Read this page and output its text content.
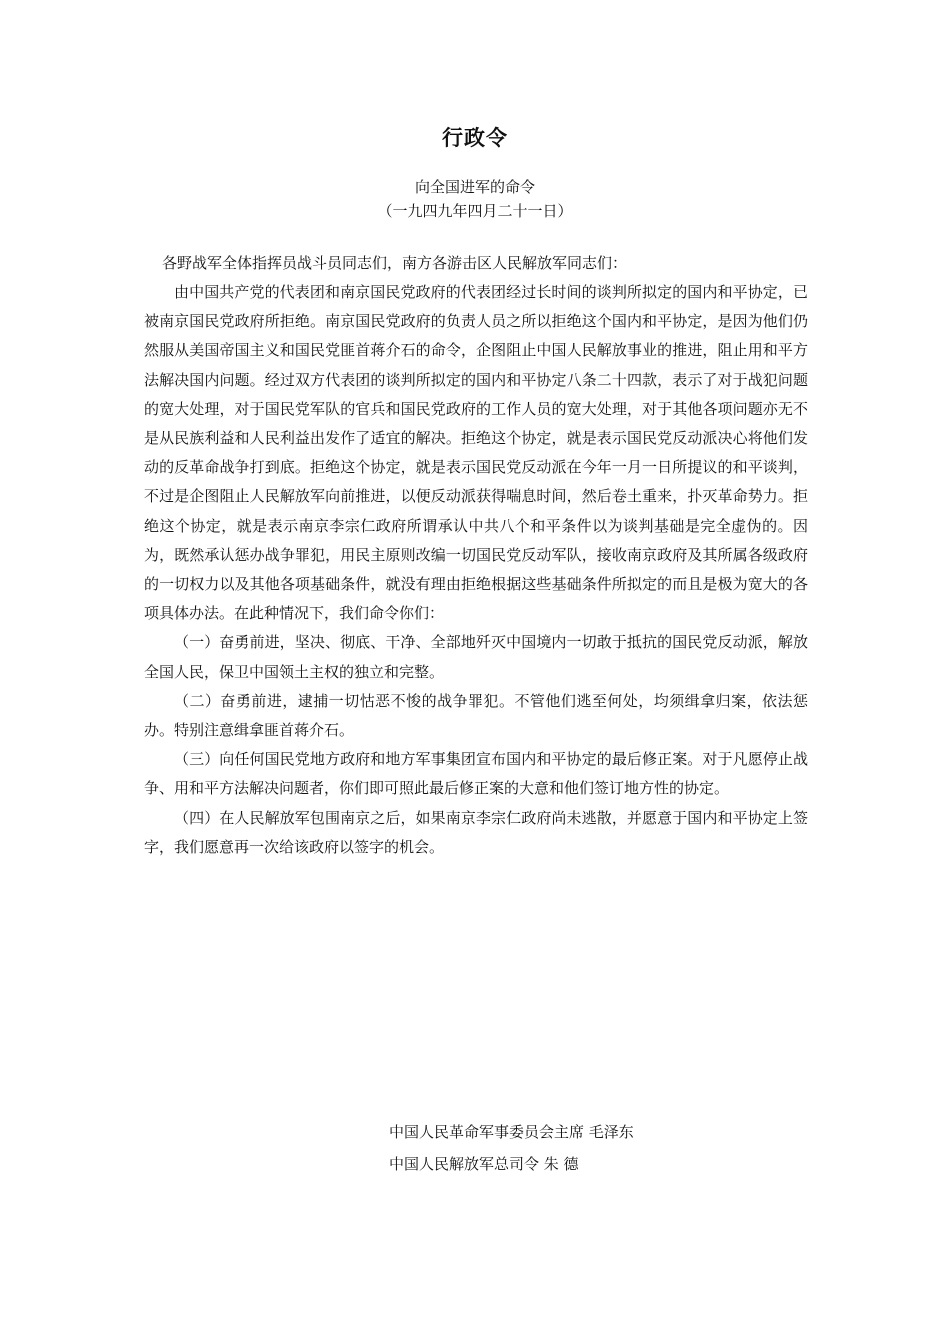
行政令
向全国进军的命令
（一九四九年四月二十一日）

各野战军全体指挥员战斗员同志们，南方各游击区人民解放军同志们：

由中国共产党的代表团和南京国民党政府的代表团经过长时间的谈判所拟定的国内和平协定，已被南京国民党政府所拒绝。南京国民党政府的负责人员之所以拒绝这个国内和平协定，是因为他们仍然服从美国帝国主义和国民党匪首蒋介石的命令，企图阻止中国人民解放事业的推进，阻止用和平方法解决国内问题。经过双方代表团的谈判所拟定的国内和平协定八条二十四款，表示了对于战犯问题的宽大处理，对于国民党军队的官兵和国民党政府的工作人员的宽大处理，对于其他各项问题亦无不是从民族利益和人民利益出发作了适宜的解决。拒绝这个协定，就是表示国民党反动派决心将他们发动的反革命战争打到底。拒绝这个协定，就是表示国民党反动派在今年一月一日所提议的和平谈判，不过是企图阻止人民解放军向前推进，以便反动派获得喘息时间，然后卷土重来，扑灭革命势力。拒绝这个协定，就是表示南京李宗仁政府所谓承认中共八个和平条件以为谈判基础是完全虚伪的。因为，既然承认惩办战争罪犯，用民主原则改编一切国民党反动军队，接收南京政府及其所属各级政府的一切权力以及其他各项基础条件，就没有理由拒绝根据这些基础条件所拟定的而且是极为宽大的各项具体办法。在此种情况下，我们命令你们：

（一）奋勇前进，坚决、彻底、干净、全部地歼灭中国境内一切敢于抵抗的国民党反动派，解放全国人民，保卫中国领土主权的独立和完整。

（二）奋勇前进，逮捕一切怙恶不悛的战争罪犯。不管他们逃至何处，均须缉拿归案，依法惩办。特别注意缉拿匪首蒋介石。

（三）向任何国民党地方政府和地方军事集团宣布国内和平协定的最后修正案。对于凡愿停止战争、用和平方法解决问题者，你们即可照此最后修正案的大意和他们签订地方性的协定。

（四）在人民解放军包围南京之后，如果南京李宗仁政府尚未逃散，并愿意于国内和平协定上签字，我们愿意再一次给该政府以签字的机会。

中国人民革命军事委员会主席 毛泽东
中国人民解放军总司令 朱 德
